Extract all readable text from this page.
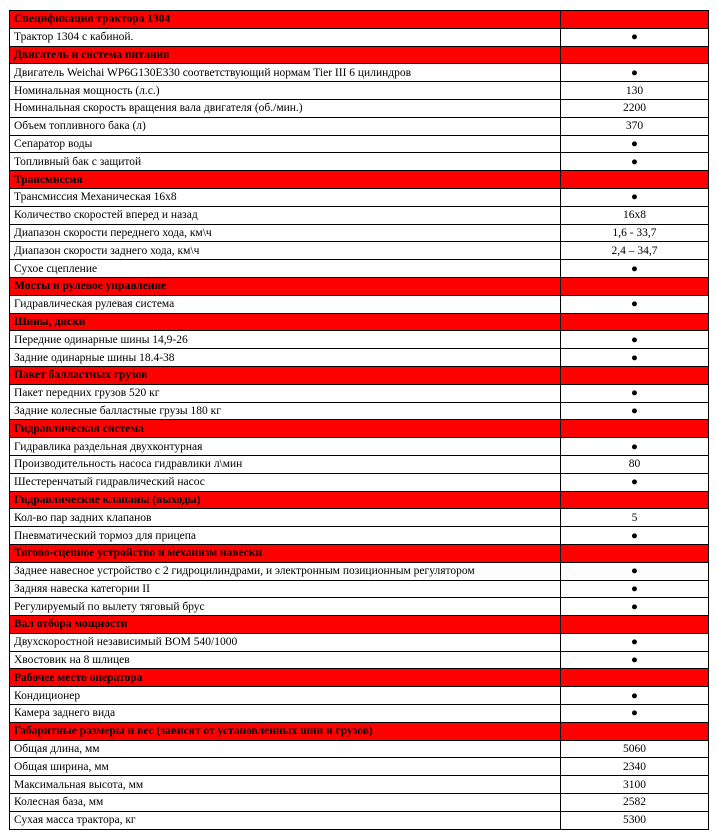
Спецификация трактора 1304	
Трактор 1304 с кабиной.	●
Двигатель и система питания	
Двигатель Weichai WP6G130E330 соответствующий нормам Tier III 6 цилиндров	●
Номинальная мощность (л.с.)	130
Номинальная скорость вращения вала двигателя (об./мин.)	2200
Объем топливного бака (л)	370
Сепаратор воды	●
Топливный бак с защитой	●
Трансмиссия	
Трансмиссия Механическая 16х8	●
Количество скоростей вперед и назад	16х8
Диапазон скорости переднего хода, км\ч	1,6 - 33,7
Диапазон скорости заднего хода, км\ч	2,4 – 34,7
Сухое сцепление	●
Мосты и рулевое управление	
Гидравлическая рулевая система	●
Шины, диски	
Передние одинарные шины 14,9-26	●
Задние одинарные шины 18.4-38	●
Пакет балластных грузов	
Пакет передних грузов 520 кг	●
Задние колесные балластные грузы 180 кг	●
Гидравлическая система	
Гидравлика раздельная двухконтурная	●
Производительность насоса гидравлики л\мин	80
Шестеренчатый гидравлический насос	●
Гидравлические клапаны (выходы)	
Кол-во пар задних клапанов	5
Пневматический тормоз для прицепа	●
Тягово-сцепное устройство и механизм навески	
Заднее навесное устройство с 2 гидроцилиндрами, и электронным позиционным регулятором	●
Задняя навеска категории II	●
Регулируемый по вылету тяговый брус	●
Вал отбора мощности	
Двухскоростной независимый ВОМ 540/1000	●
Хвостовик на 8 шлицев	●
Рабочее место оператора	
Кондиционер	●
Камера заднего вида	●
Габаритные размеры и вес (зависят от установленных шин и грузов)	
Общая длина, мм	5060
Общая ширина, мм	2340
Максимальная высота, мм	3100
Колесная база, мм	2582
Сухая масса трактора, кг	5300
